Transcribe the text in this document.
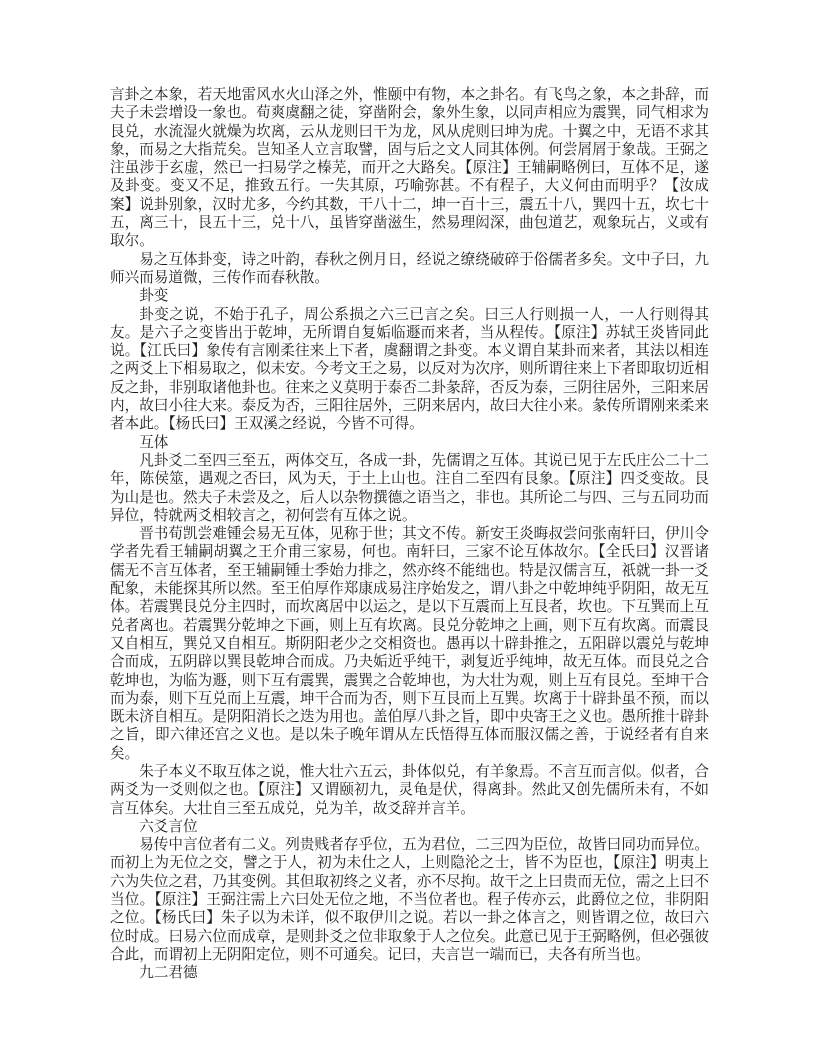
言卦之本象，若天地雷风水火山泽之外，惟颐中有物，本之卦名。有飞鸟之象，本之卦辞，而夫子未尝增设一象也。荀爽虞翻之徒，穿凿附会，象外生象，以同声相应为震巽，同气相求为艮兑，水流湿火就燥为坎离，云从龙则曰干为龙，风从虎则曰坤为虎。十翼之中，无语不求其象，而易之大指荒矣。岂知圣人立言取譬，固与后之文人同其体例。何尝屑屑于象哉。王弼之注虽涉于玄虚，然已一扫易学之榛芜，而开之大路矣。【原注】王辅嗣略例曰，互体不足，遂及卦变。变又不足，推致五行。一失其原，巧喻弥甚。不有程子，大义何由而明乎？【汝成案】说卦别象，汉时尤多，今约其数，干八十二，坤一百十三，震五十八，巽四十五，坎七十五，离三十，艮五十三，兑十八，虽皆穿凿滋生，然易理闳深，曲包道艺，观象玩占，义或有取尔。

易之互体卦变，诗之叶韵，春秋之例月日，经说之缭绕破碎于俗儒者多矣。文中子曰，九师兴而易道微，三传作而春秋散。

卦变

卦变之说，不始于孔子，周公系损之六三已言之矣。曰三人行则损一人，一人行则得其友。是六子之变皆出于乾坤，无所谓自复姤临遯而来者，当从程传。【原注】苏轼王炎皆同此说。【江氏曰】象传有言刚柔往来上下者，虞翻谓之卦变。本义谓自某卦而来者，其法以相连之两爻上下相易取之，似未安。今考文王之易，以反对为次序，则所谓往来上下者即取切近相反之卦，非别取诸他卦也。往来之义莫明于泰否二卦彖辞，否反为泰，三阴往居外，三阳来居内，故曰小往大来。泰反为否，三阳往居外，三阴来居内，故曰大往小来。彖传所谓刚来柔来者本此。【杨氏曰】王双溪之经说，今皆不可得。

互体

凡卦爻二至四三至五，两体交互，各成一卦，先儒谓之互体。其说已见于左氏庄公二十二年，陈侯筮，遇观之否曰，风为天，于土上山也。注自二至四有艮象。【原注】四爻变故。艮为山是也。然夫子未尝及之，后人以杂物撰德之语当之，非也。其所论二与四、三与五同功而异位，特就两爻相较言之，初何尝有互体之说。

晋书荀凯尝难锺会易无互体，见称于世；其文不传。新安王炎晦叔尝问张南轩曰，伊川令学者先看王辅嗣胡翼之王介甫三家易，何也。南轩曰，三家不论互体故尔。【全氏曰】汉晋诸儒无不言互体者，至王辅嗣锺士季始力排之，然亦终不能绌也。特是汉儒言互，祇就一卦一爻配象，未能探其所以然。至王伯厚作郑康成易注序始发之，谓八卦之中乾坤纯乎阴阳，故无互体。若震巽艮兑分主四时，而坎离居中以运之，是以下互震而上互艮者，坎也。下互巽而上互兑者离也。若震巽分乾坤之下画，则上互有坎离。艮兑分乾坤之上画，则下互有坎离。而震艮又自相互，巽兑又自相互。斯阴阳老少之交相资也。愚再以十辟卦推之，五阳辟以震兑与乾坤合而成，五阴辟以巽艮乾坤合而成。乃夬姤近乎纯干，剥复近乎纯坤，故无互体。而艮兑之合乾坤也，为临为遯，则下互有震巽，震巽之合乾坤也，为大壮为观，则上互有艮兑。至坤干合而为泰，则下互兑而上互震，坤干合而为否，则下互艮而上互巽。坎离于十辟卦虽不预，而以既未济自相互。是阴阳消长之迭为用也。盖伯厚八卦之旨，即中央寄王之义也。愚所推十辟卦之旨，即六律还宫之义也。是以朱子晚年谓从左氏悟得互体而服汉儒之善，于说经者有自来矣。

朱子本义不取互体之说，惟大壮六五云，卦体似兑，有羊象焉。不言互而言似。似者，合两爻为一爻则似之也。【原注】又谓颐初九，灵龟是伏，得离卦。然此又创先儒所未有，不如言互体矣。大壮自三至五成兑，兑为羊，故爻辞并言羊。

六爻言位

易传中言位者有二义。列贵贱者存乎位，五为君位，二三四为臣位，故皆曰同功而异位。而初上为无位之交，譬之于人，初为未仕之人，上则隐沦之士，皆不为臣也，【原注】明夷上六为失位之君，乃其变例。其但取初终之义者，亦不尽拘。故干之上曰贵而无位，需之上曰不当位。【原注】王弼注需上六曰处无位之地，不当位者也。程子传亦云，此爵位之位，非阴阳之位。【杨氏曰】朱子以为未详，似不取伊川之说。若以一卦之体言之，则皆谓之位，故曰六位时成。曰易六位而成章，是则卦爻之位非取象于人之位矣。此意已见于王弼略例，但必强彼合此，而谓初上无阴阳定位，则不可通矣。记曰，夫言岂一端而已，夫各有所当也。

九二君德
